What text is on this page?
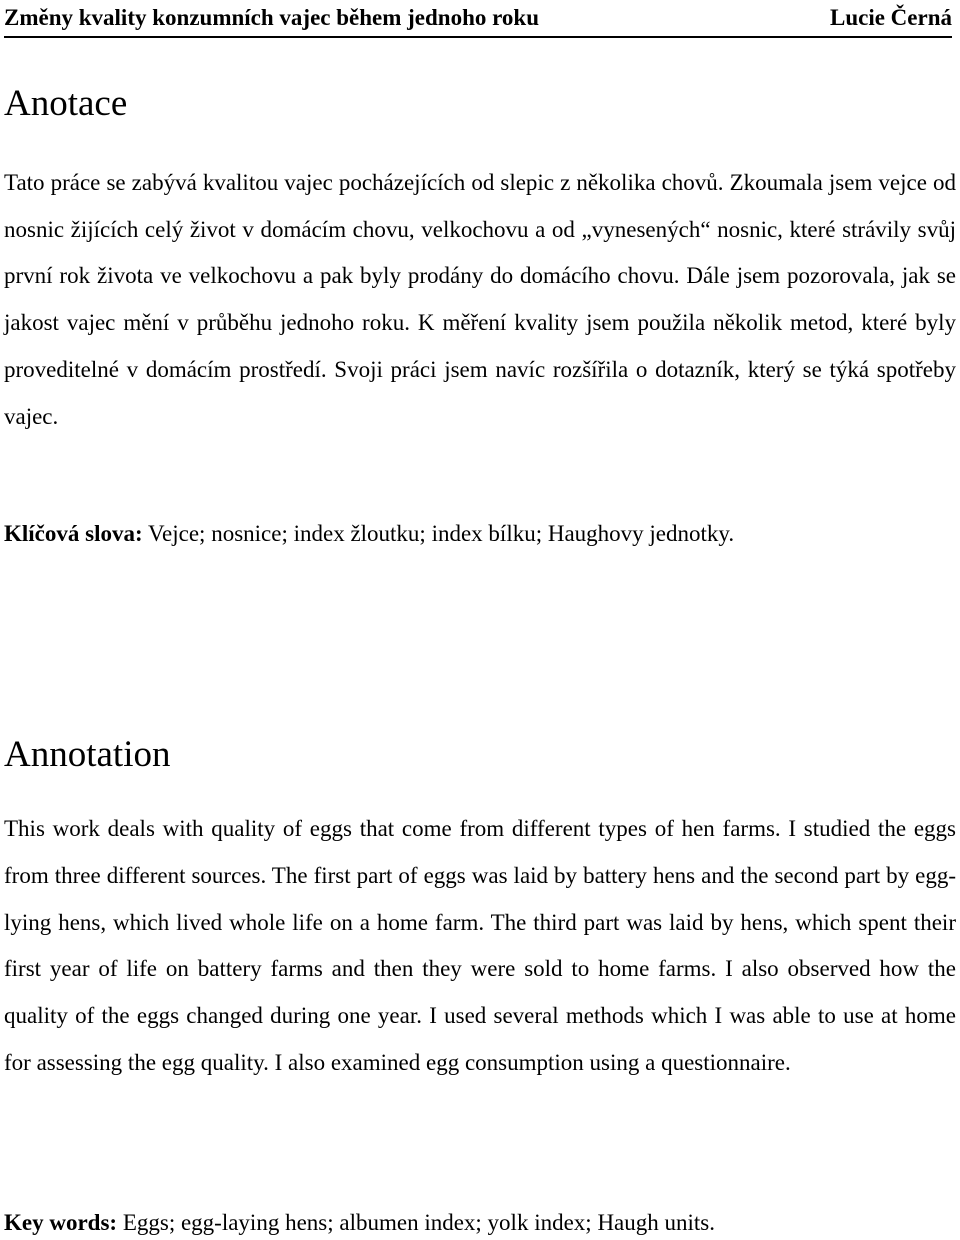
Změny kvality konzumních vajec během jednoho roku	Lucie Černá
Anotace

Tato práce se zabývá kvalitou vajec pocházejících od slepic z několika chovů. Zkoumala jsem vejce od nosnic žijících celý život v domácím chovu, velkochovu a od „vynesených“ nosnic, které strávily svůj první rok života ve velkochovu a pak byly prodány do domácího chovu. Dále jsem pozorovala, jak se jakost vajec mění v průběhu jednoho roku. K měření kvality jsem použila několik metod, které byly proveditelné v domácím prostředí. Svoji práci jsem navíc rozšířila o dotazník, který se týká spotřeby vajec.

Klíčová slova: Vejce; nosnice; index žloutku; index bílku; Haughovy jednotky.

Annotation

This work deals with quality of eggs that come from different types of hen farms. I studied the eggs from three different sources. The first part of eggs was laid by battery hens and the second part by egg-lying hens, which lived whole life on a home farm. The third part was laid by hens, which spent their first year of life on battery farms and then they were sold to home farms. I also observed how the quality of the eggs changed during one year. I used several methods which I was able to use at home for assessing the egg quality. I also examined egg consumption using a questionnaire.

Key words: Eggs; egg-laying hens; albumen index; yolk index; Haugh units.
